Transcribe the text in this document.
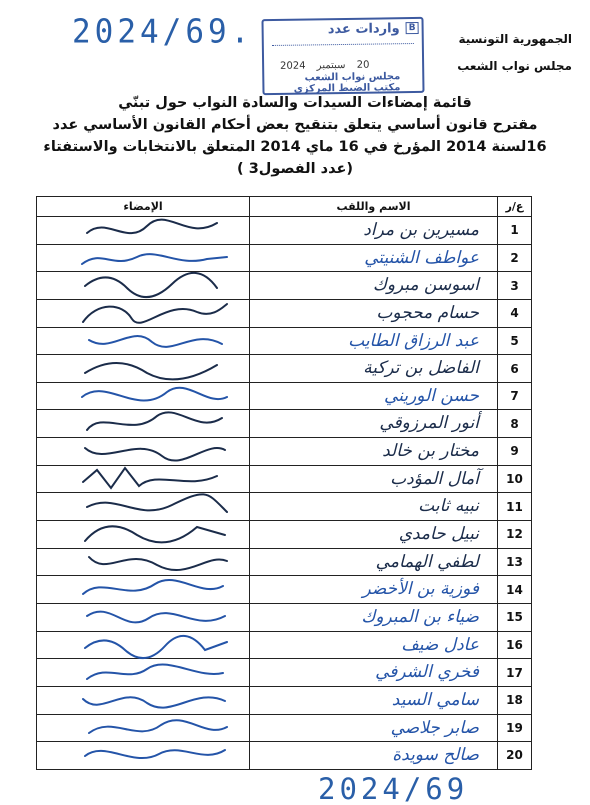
2024/69.	B
واردات عدد
20 سبتمبر 2024
مجلس نواب الشعب
مكتب الضبط المركزي
الجمهورية التونسية
مجلس نواب الشعب
قائمة إمضاءات السيدات والسادة النواب حول تبنّي
مقترح قانون أساسي يتعلق بتنقيح بعض أحكام القانون الأساسي عدد
16لسنة 2014 المؤرخ في 16 ماي 2014 المتعلق بالانتخابات والاستفتاء
(عدد الفصول3 )
ع/ر	الاسم واللقب	الإمضاء
1	مسيرين بن مراد

2	عواطف الشنيتي

3	اسوسن مبروك

4	حسام محجوب

5	عبد الرزاق الطايب

6	الفاضل بن تركية

7	حسن الوريني

8	أنور المرزوقي

9	مختار بن خالد

10	آمال المؤدب

11	نبيه ثابت

12	نبيل حامدي

13	لطفي الهمامي

14	فوزية بن الأخضر

15	ضياء بن المبروك

16	عادل ضيف

17	فخري الشرفي

18	سامي السيد

19	صابر جلاصي

20	صالح سويدة

2024/69
